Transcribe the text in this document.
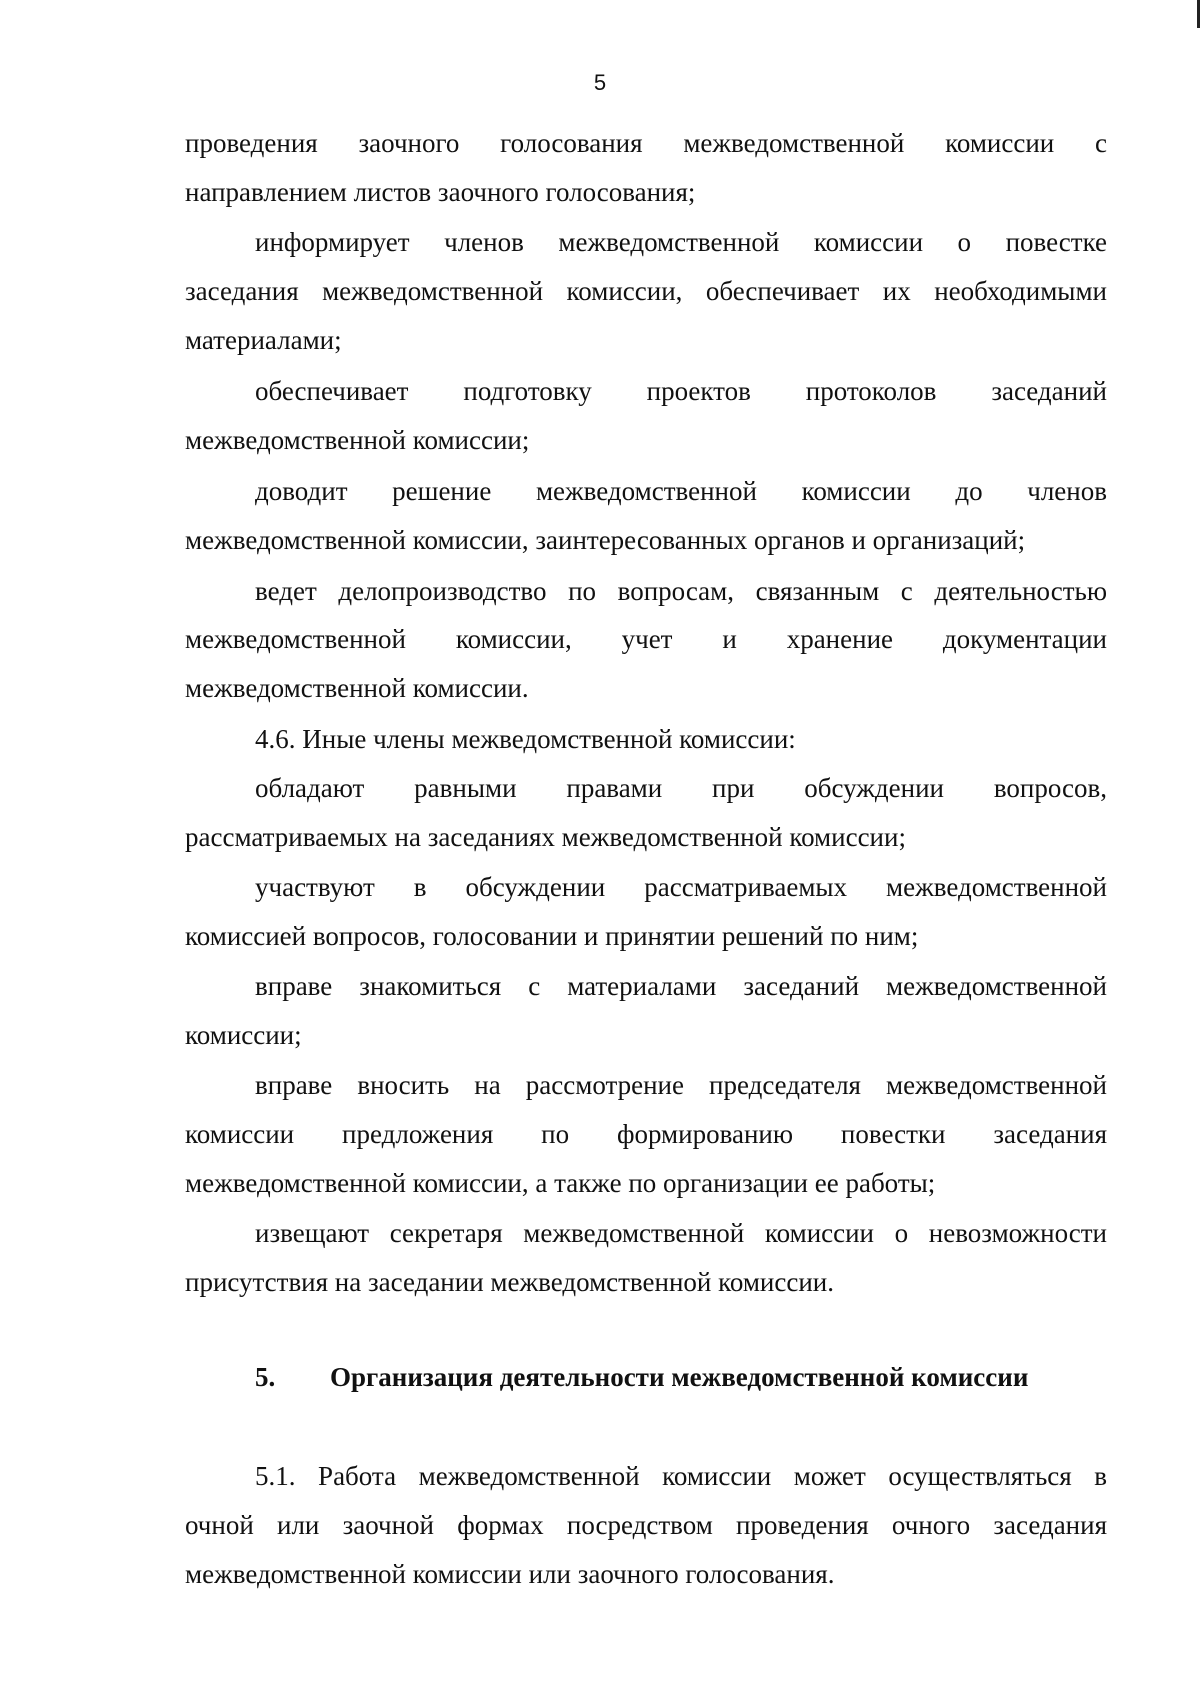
5
проведения заочного голосования межведомственной комиссии с
направлением листов заочного голосования;
информирует членов межведомственной комиссии о повестке
заседания межведомственной комиссии, обеспечивает их необходимыми
материалами;
обеспечивает подготовку проектов протоколов заседаний
межведомственной комиссии;
доводит решение межведомственной комиссии до членов
межведомственной комиссии, заинтересованных органов и организаций;
ведет делопроизводство по вопросам, связанным с деятельностью
межведомственной комиссии, учет и хранение документации
межведомственной комиссии.
4.6. Иные члены межведомственной комиссии:
обладают равными правами при обсуждении вопросов,
рассматриваемых на заседаниях межведомственной комиссии;
участвуют в обсуждении рассматриваемых межведомственной
комиссией вопросов, голосовании и принятии решений по ним;
вправе знакомиться с материалами заседаний межведомственной
комиссии;
вправе вносить на рассмотрение председателя межведомственной
комиссии предложения по формированию повестки заседания
межведомственной комиссии, а также по организации ее работы;
извещают секретаря межведомственной комиссии о невозможности
присутствия на заседании межведомственной комиссии.
5. Организация деятельности межведомственной комиссии
5.1. Работа межведомственной комиссии может осуществляться в
очной или заочной формах посредством проведения очного заседания
межведомственной комиссии или заочного голосования.
